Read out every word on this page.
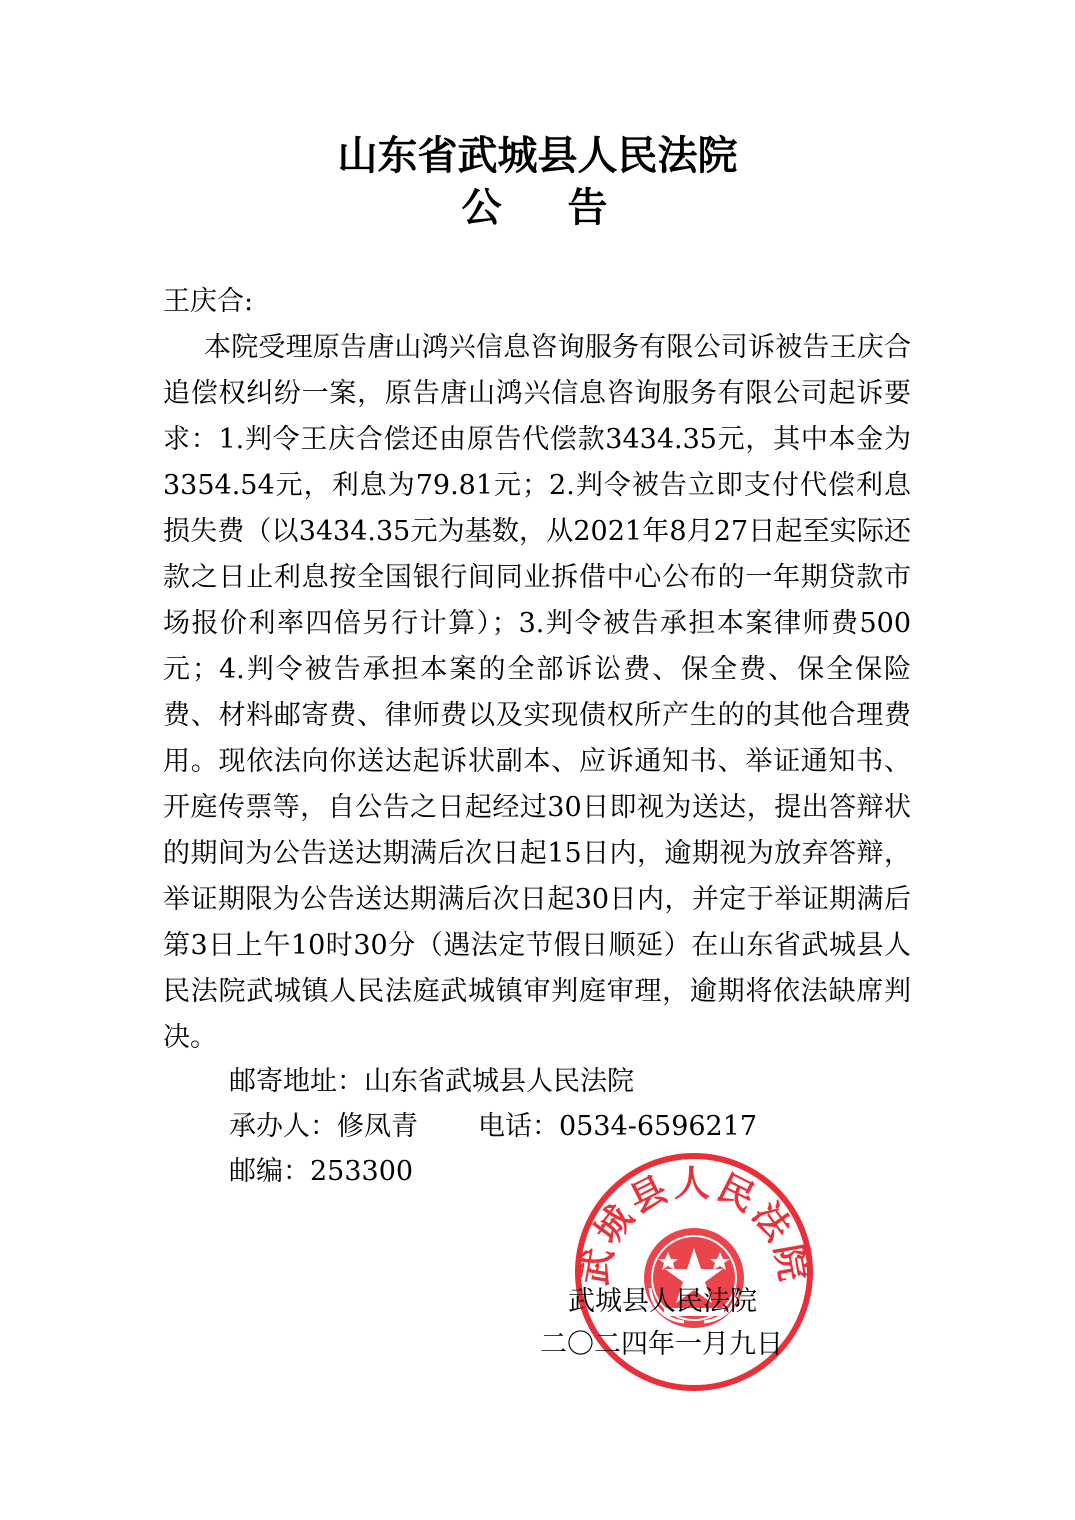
山东省武城县人民法院
公告
王庆合:

本院受理原告唐山鸿兴信息咨询服务有限公司诉被告王庆合追偿权纠纷一案，原告唐山鸿兴信息咨询服务有限公司起诉要求：1.判令王庆合偿还由原告代偿款3434.35元，其中本金为3354.54元，利息为79.81元；2.判令被告立即支付代偿利息损失费（以3434.35元为基数，从2021年8月27日起至实际还款之日止利息按全国银行间同业拆借中心公布的一年期贷款市场报价利率四倍另行计算）；3.判令被告承担本案律师费500元；4.判令被告承担本案的全部诉讼费、保全费、保全保险费、材料邮寄费、律师费以及实现债权所产生的的其他合理费用。现依法向你送达起诉状副本、应诉通知书、举证通知书、开庭传票等，自公告之日起经过30日即视为送达，提出答辩状的期间为公告送达期满后次日起15日内，逾期视为放弃答辩，举证期限为公告送达期满后次日起30日内，并定于举证期满后第3日上午10时30分（遇法定节假日顺延）在山东省武城县人民法院武城镇人民法庭武城镇审判庭审理，逾期将依法缺席判决。

邮寄地址：山东省武城县人民法院
承办人：修凤青 电话：0534-6596217
邮编：253300
武城县人民法院
武城县人民法院
二〇二四年一月九日
